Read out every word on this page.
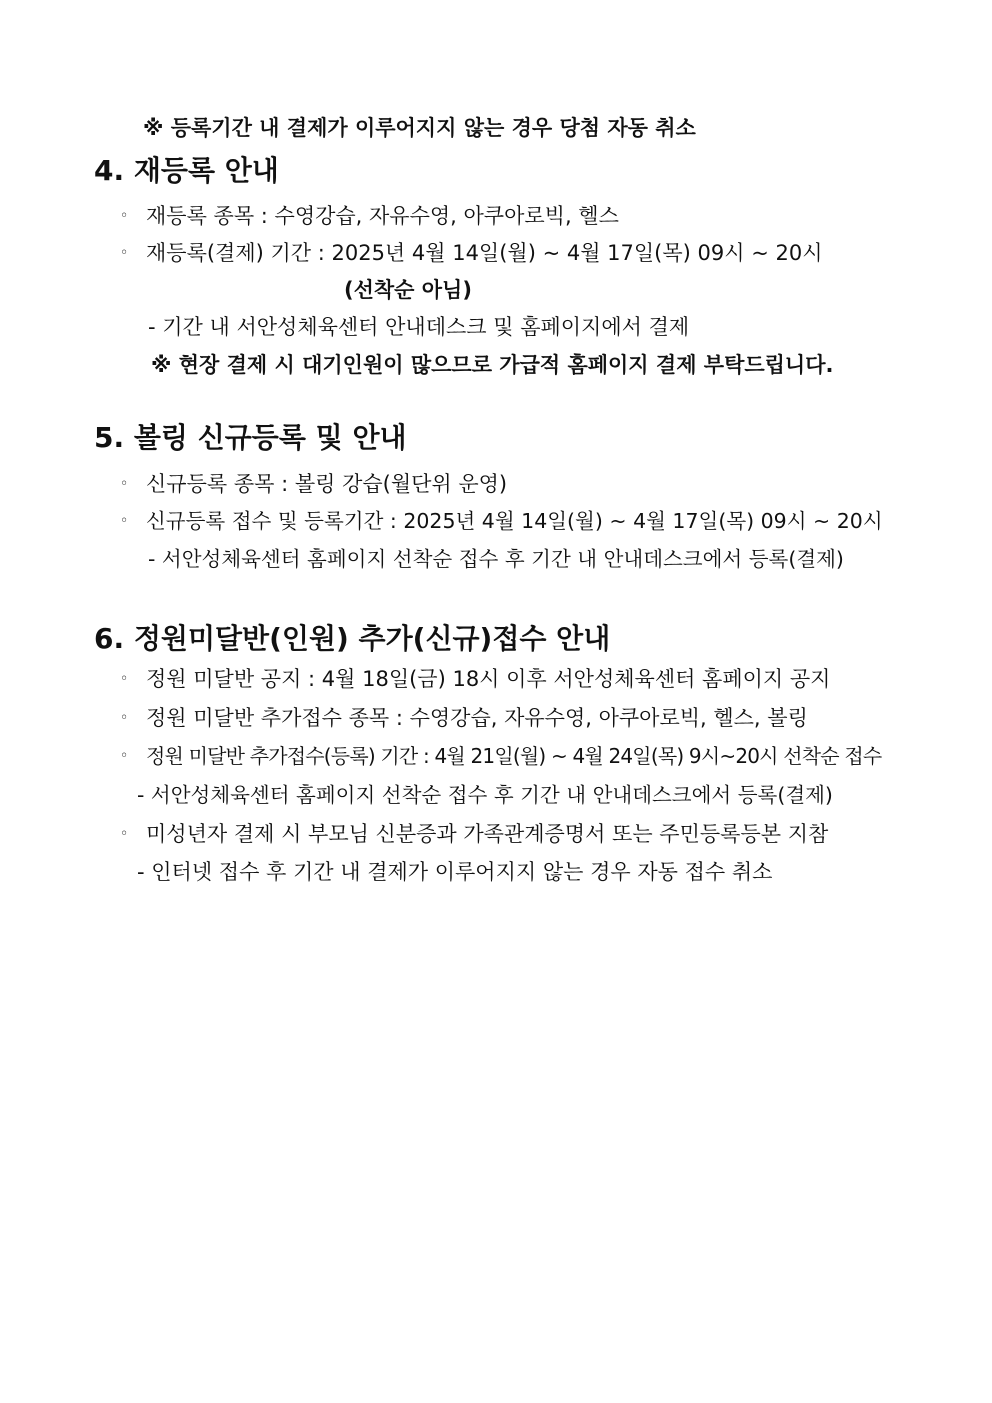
※ 등록기간 내 결제가 이루어지지 않는 경우 당첨 자동 취소
4. 재등록 안내
◦ 재등록 종목 : 수영강습, 자유수영, 아쿠아로빅, 헬스
◦ 재등록(결제) 기간 : 2025년 4월 14일(월) ~ 4월 17일(목) 09시 ~ 20시
(선착순 아님)
- 기간 내 서안성체육센터 안내데스크 및 홈페이지에서 결제
※ 현장 결제 시 대기인원이 많으므로 가급적 홈페이지 결제 부탁드립니다.
5. 볼링 신규등록 및 안내
◦ 신규등록 종목 : 볼링 강습(월단위 운영)
◦ 신규등록 접수 및 등록기간 : 2025년 4월 14일(월) ~ 4월 17일(목) 09시 ~ 20시
- 서안성체육센터 홈페이지 선착순 접수 후 기간 내 안내데스크에서 등록(결제)
6. 정원미달반(인원) 추가(신규)접수 안내
◦ 정원 미달반 공지 : 4월 18일(금) 18시 이후 서안성체육센터 홈페이지 공지
◦ 정원 미달반 추가접수 종목 : 수영강습, 자유수영, 아쿠아로빅, 헬스, 볼링
◦ 정원 미달반 추가접수(등록) 기간 : 4월 21일(월) ~ 4월 24일(목) 9시~20시 선착순 접수
- 서안성체육센터 홈페이지 선착순 접수 후 기간 내 안내데스크에서 등록(결제)
◦ 미성년자 결제 시 부모님 신분증과 가족관계증명서 또는 주민등록등본 지참
- 인터넷 접수 후 기간 내 결제가 이루어지지 않는 경우 자동 접수 취소
